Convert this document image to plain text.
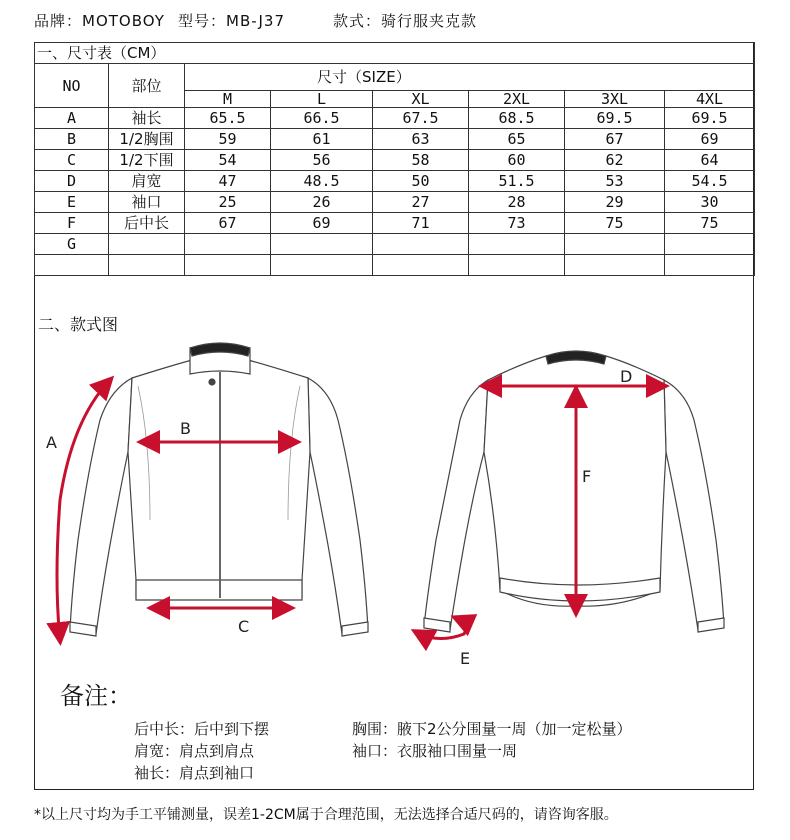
品牌：MOTOBOY 型号：MB-J37	款式：骑行服夹克款
一、尺寸表（CM）							
NO	部位	尺寸（SIZE）					
		M	L	XL	2XL	3XL	4XL
A	袖长	65.5	66.5	67.5	68.5	69.5	69.5
B	1/2胸围	59	61	63	65	67	69
C	1/2下围	54	56	58	60	62	64
D	肩宽	47	48.5	50	51.5	53	54.5
E	袖口	25	26	27	28	29	30
F	后中长	67	69	71	73	75	75
G							

二、款式图
A
B
C
D
E
F
备注：
后中长：后中到下摆	胸围：腋下2公分围量一周（加一定松量）
肩宽：肩点到肩点	袖口：衣服袖口围量一周
袖长：肩点到袖口
*以上尺寸均为手工平铺测量，误差1-2CM属于合理范围，无法选择合适尺码的，请咨询客服。
